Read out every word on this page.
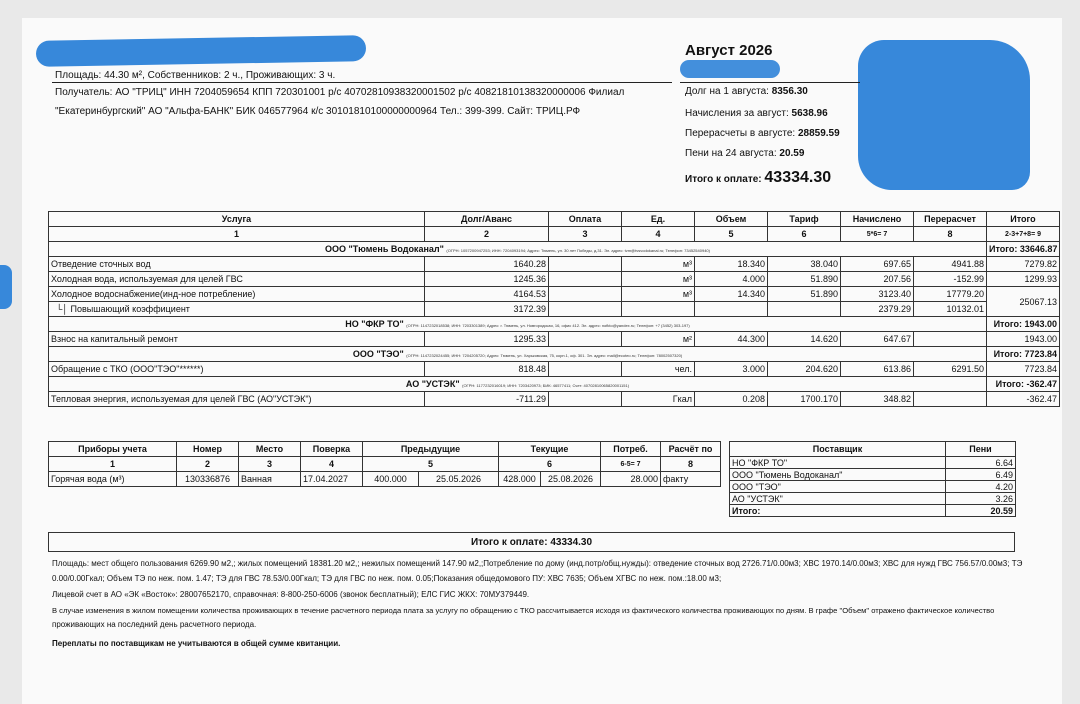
Август 2026
Площадь: 44.30 м², Собственников: 2 ч., Проживающих: 3 ч.
Получатель: АО "ТРИЦ" ИНН 7204059654 КПП 720301001 р/с 40702810938320001502 р/с 40821810138320000006 Филиал
"Екатеринбургский" АО "Альфа-БАНК" БИК 046577964 к/с 30101810100000000964 Тел.: 399-399. Сайт: ТРИЦ.РФ
Долг на 1 августа: 8356.30
Начисления за август: 5638.96
Перерасчеты в августе: 28859.59
Пени на 24 августа: 20.59
Итого к оплате: 43334.30
Услуга	Долг/Аванс	Оплата	Ед.	Объем	Тариф	Начислено	Перерасчет	Итого
1	2	3	4	5	6	5*6= 7	8	2-3+7+8= 9
ООО "Тюмень Водоканал" (ОГРН: 1057200947253; ИНН: 7204093194; Адрес: Тюмень, ул. 30 лет Победы, д.31. Эл. адрес: tvm@tvsvodokanal.ru; Телефон: 73452540940)								Итого: 33646.87
Отведение сточных вод	1640.28		м³	18.340	38.040	697.65	4941.88	7279.82
Холодная вода, используемая для целей ГВС	1245.36		м³	4.000	51.890	207.56	-152.99	1299.93
Холодное водоснабжение(инд-ное потребление)	4164.53		м³	14.340	51.890	3123.40	17779.20	25067.13
└│ Повышающий коэффициент	3172.39					2379.29	10132.01	
НО "ФКР ТО" (ОГРН: 1147232018538; ИНН: 7203301389; Адрес: г. Тюмень, ул. Новгородская, 16, офис 412. Эл. адрес: nofkto@yandex.ru; Телефон: +7 (3452) 303-197)								Итого: 1943.00
Взнос на капитальный ремонт	1295.33		м²	44.300	14.620	647.67		1943.00
ООО "ТЭО" (ОГРН: 1147232024455; ИНН: 7204205720; Адрес: Тюмень, ул. Харьковская, 75, корп.1, оф. 301. Эл. адрес: mail@ecoteo.ru; Телефон: 78002507320)								Итого: 7723.84
Обращение с ТКО (ООО"ТЭО"******)	818.48		чел.	3.000	204.620	613.86	6291.50	7723.84
АО "УСТЭК" (ОГРН: 1177232016019; ИНН: 7203420973; БИК: 46577411; Счет: 40702810065820001151)								Итого: -362.47
Тепловая энергия, используемая для целей ГВС (АО"УСТЭК")	-711.29		Гкал	0.208	1700.170	348.82		-362.47
Приборы учета	Номер	Место	Поверка	Предыдущие		Текущие		Потреб.	Расчёт по
1	2	3	4	5		6		6-5= 7	8
Горячая вода (м³)	130336876	Ванная	17.04.2027	400.000	25.05.2026	428.000	25.08.2026	28.000	факту
Поставщик	Пени
НО "ФКР ТО"	6.64
ООО "Тюмень Водоканал"	6.49
ООО "ТЭО"	4.20
АО "УСТЭК"	3.26
Итого:	20.59
Итого к оплате: 43334.30
Площадь: мест общего пользования 6269.90 м2,; жилых помещений 18381.20 м2,; нежилых помещений 147.90 м2,;Потребление по дому (инд.потр/общ.нужды): отведение сточных вод 2726.71/0.00м3; ХВС 1970.14/0.00м3; ХВС для нужд ГВС 756.57/0.00м3; ТЭ
0.00/0.00Гкал; Объем ТЭ по неж. пом. 1.47; ТЭ для ГВС 78.53/0.00Гкал; ТЭ для ГВС по неж. пом. 0.05;Показания общедомового ПУ: ХВС 7635; Объем ХГВС по неж. пом.:18.00 м3;
Лицевой счет в АО «ЭК «Восток»: 28007652170, справочная: 8-800-250-6006 (звонок бесплатный); ЕЛС ГИС ЖКХ: 70МУ379449.
В случае изменения в жилом помещении количества проживающих в течение расчетного периода плата за услугу по обращению с ТКО рассчитывается исходя из фактического количества проживающих по дням. В графе "Объем" отражено фактическое количество
проживающих на последний день расчетного периода.
Переплаты по поставщикам не учитываются в общей сумме квитанции.
